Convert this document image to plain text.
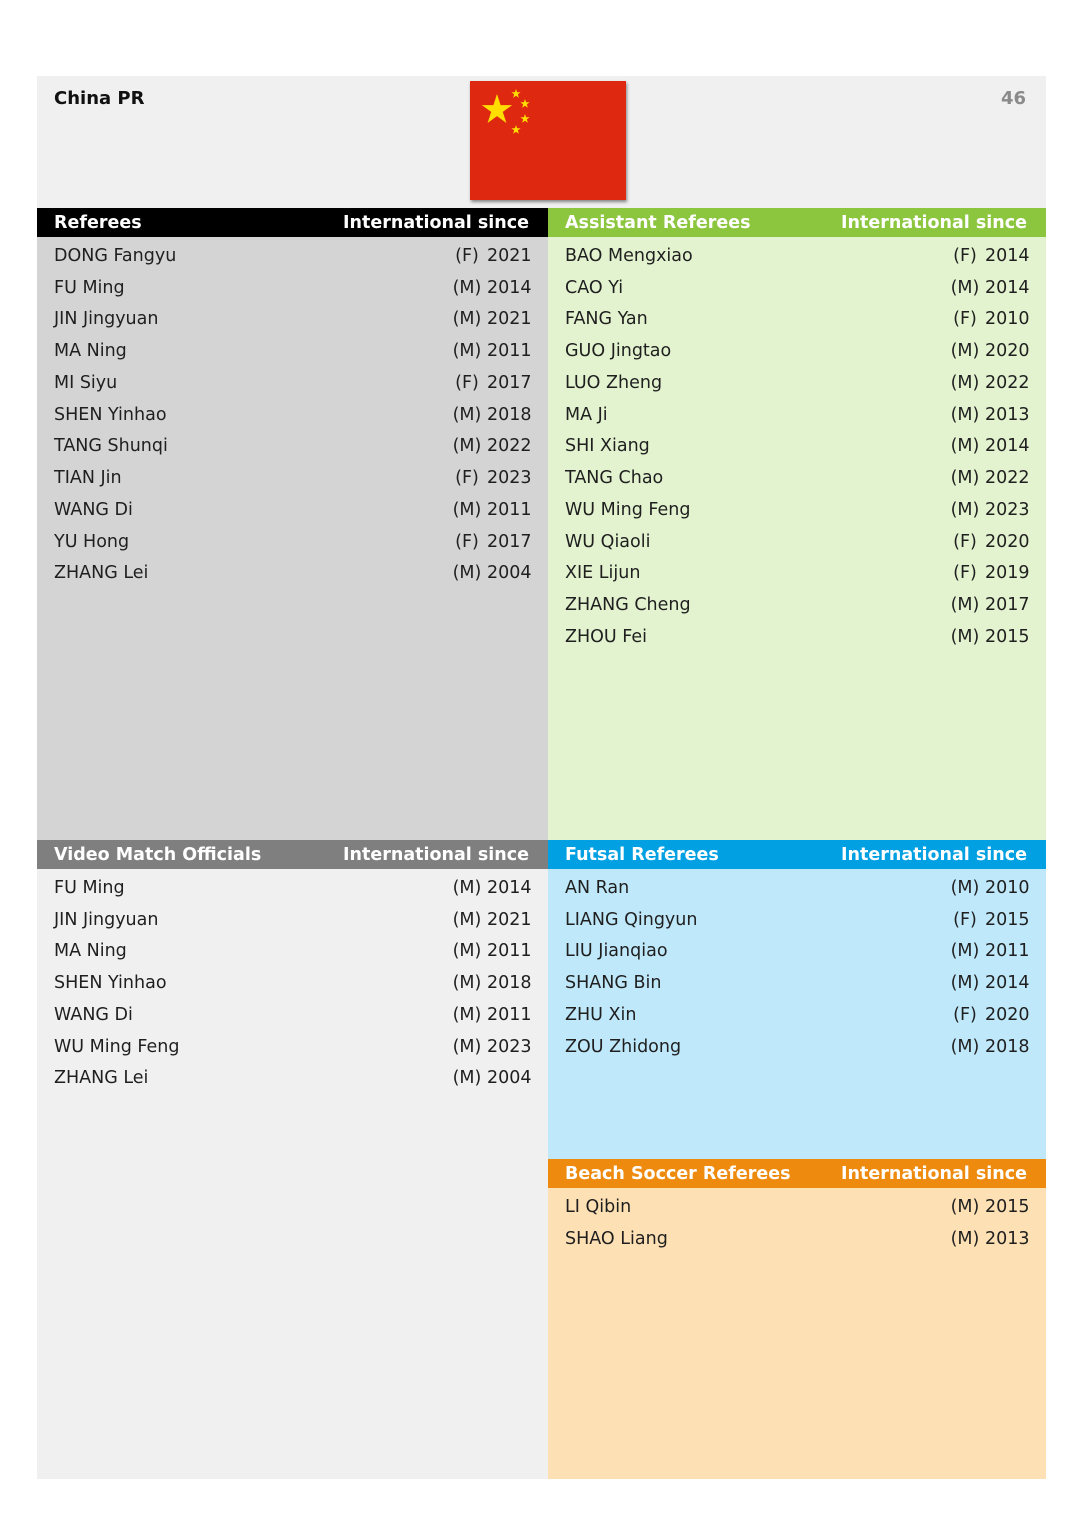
China PR	46
Referees	International since
DONG Fangyu	(F) 2021
FU Ming	(M) 2014
JIN Jingyuan	(M) 2021
MA Ning	(M) 2011
MI Siyu	(F) 2017
SHEN Yinhao	(M) 2018
TANG Shunqi	(M) 2022
TIAN Jin	(F) 2023
WANG Di	(M) 2011
YU Hong	(F) 2017
ZHANG Lei	(M) 2004
Assistant Referees	International since
BAO Mengxiao	(F) 2014
CAO Yi	(M) 2014
FANG Yan	(F) 2010
GUO Jingtao	(M) 2020
LUO Zheng	(M) 2022
MA Ji	(M) 2013
SHI Xiang	(M) 2014
TANG Chao	(M) 2022
WU Ming Feng	(M) 2023
WU Qiaoli	(F) 2020
XIE Lijun	(F) 2019
ZHANG Cheng	(M) 2017
ZHOU Fei	(M) 2015
Video Match Officials	International since
FU Ming	(M) 2014
JIN Jingyuan	(M) 2021
MA Ning	(M) 2011
SHEN Yinhao	(M) 2018
WANG Di	(M) 2011
WU Ming Feng	(M) 2023
ZHANG Lei	(M) 2004
Futsal Referees	International since
AN Ran	(M) 2010
LIANG Qingyun	(F) 2015
LIU Jianqiao	(M) 2011
SHANG Bin	(M) 2014
ZHU Xin	(F) 2020
ZOU Zhidong	(M) 2018
Beach Soccer Referees	International since
LI Qibin	(M) 2015
SHAO Liang	(M) 2013
